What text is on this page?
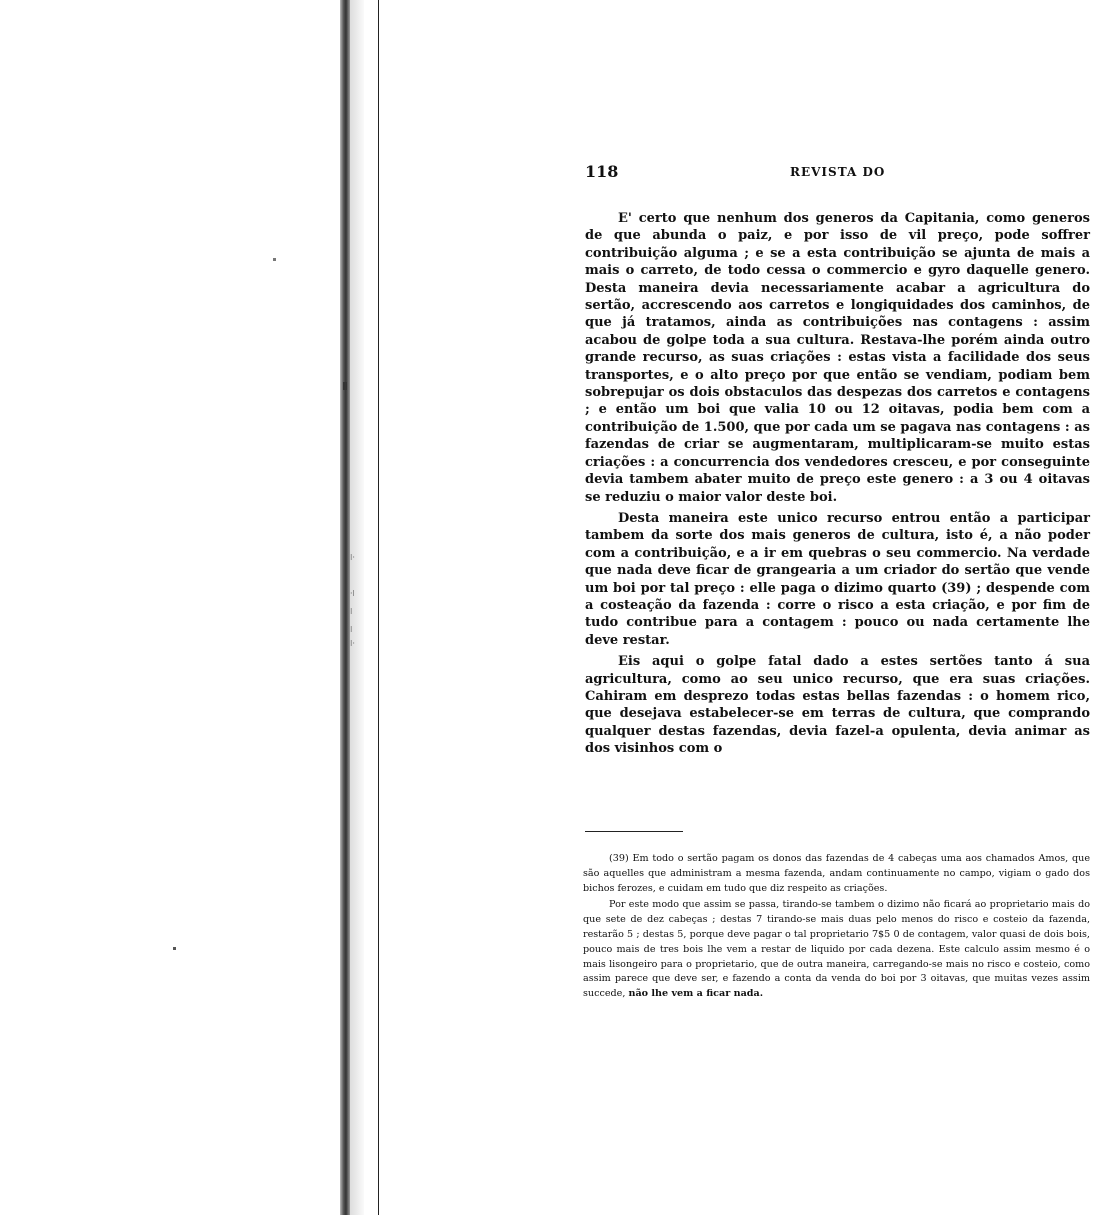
ǀ·
·ǀ
ǀ
ǀ
ǀ·
118	REVISTA DO

E' certo que nenhum dos generos da Capitania, como generos de que abunda o paiz, e por isso de vil preço, pode soffrer contribuição alguma ; e se a esta contribuição se ajunta de mais a mais o carreto, de todo cessa o commercio e gyro daquelle genero. Desta maneira devia necessariamente acabar a agricultura do sertão, accrescendo aos carretos e longiquidades dos caminhos, de que já tratamos, ainda as contribuições nas contagens : assim acabou de golpe toda a sua cultura. Restava-lhe porém ainda outro grande recurso, as suas criações : estas vista a facilidade dos seus transportes, e o alto preço por que então se vendiam, podiam bem sobrepujar os dois obstaculos das despezas dos carretos e contagens ; e então um boi que valia 10 ou 12 oitavas, podia bem com a contribuição de 1.500, que por cada um se pagava nas contagens : as fazendas de criar se augmentaram, multiplicaram-se muito estas criações : a concurrencia dos vendedores cresceu, e por conseguinte devia tambem abater muito de preço este genero : a 3 ou 4 oitavas se reduziu o maior valor deste boi.

Desta maneira este unico recurso entrou então a participar tambem da sorte dos mais generos de cultura, isto é, a não poder com a contribuição, e a ir em quebras o seu commercio. Na verdade que nada deve ficar de grangearia a um criador do sertão que vende um boi por tal preço : elle paga o dizimo quarto (39) ; despende com a costeação da fazenda : corre o risco a esta criação, e por fim de tudo contribue para a contagem : pouco ou nada certamente lhe deve restar.

Eis aqui o golpe fatal dado a estes sertões tanto á sua agricultura, como ao seu unico recurso, que era suas criações. Cahiram em desprezo todas estas bellas fazendas : o homem rico, que desejava estabelecer-se em terras de cultura, que comprando qualquer destas fazendas, devia fazel-a opulenta, devia animar as dos visinhos com o

(39) Em todo o sertão pagam os donos das fazendas de 4 cabeças uma aos chamados Amos, que são aquelles que administram a mesma fazenda, andam continuamente no campo, vigiam o gado dos bichos ferozes, e cuidam em tudo que diz respeito as criações.

Por este modo que assim se passa, tirando-se tambem o dizimo não ficará ao proprietario mais do que sete de dez cabeças ; destas 7 tirando-se mais duas pelo menos do risco e costeio da fazenda, restarão 5 ; destas 5, porque deve pagar o tal proprietario 7$5 0 de contagem, valor quasi de dois bois, pouco mais de tres bois lhe vem a restar de liquido por cada dezena. Este calculo assim mesmo é o mais lisongeiro para o proprietario, que de outra maneira, carregando-se mais no risco e costeio, como assim parece que deve ser, e fazendo a conta da venda do boi por 3 oitavas, que muitas vezes assim succede, não lhe vem a ficar nada.
